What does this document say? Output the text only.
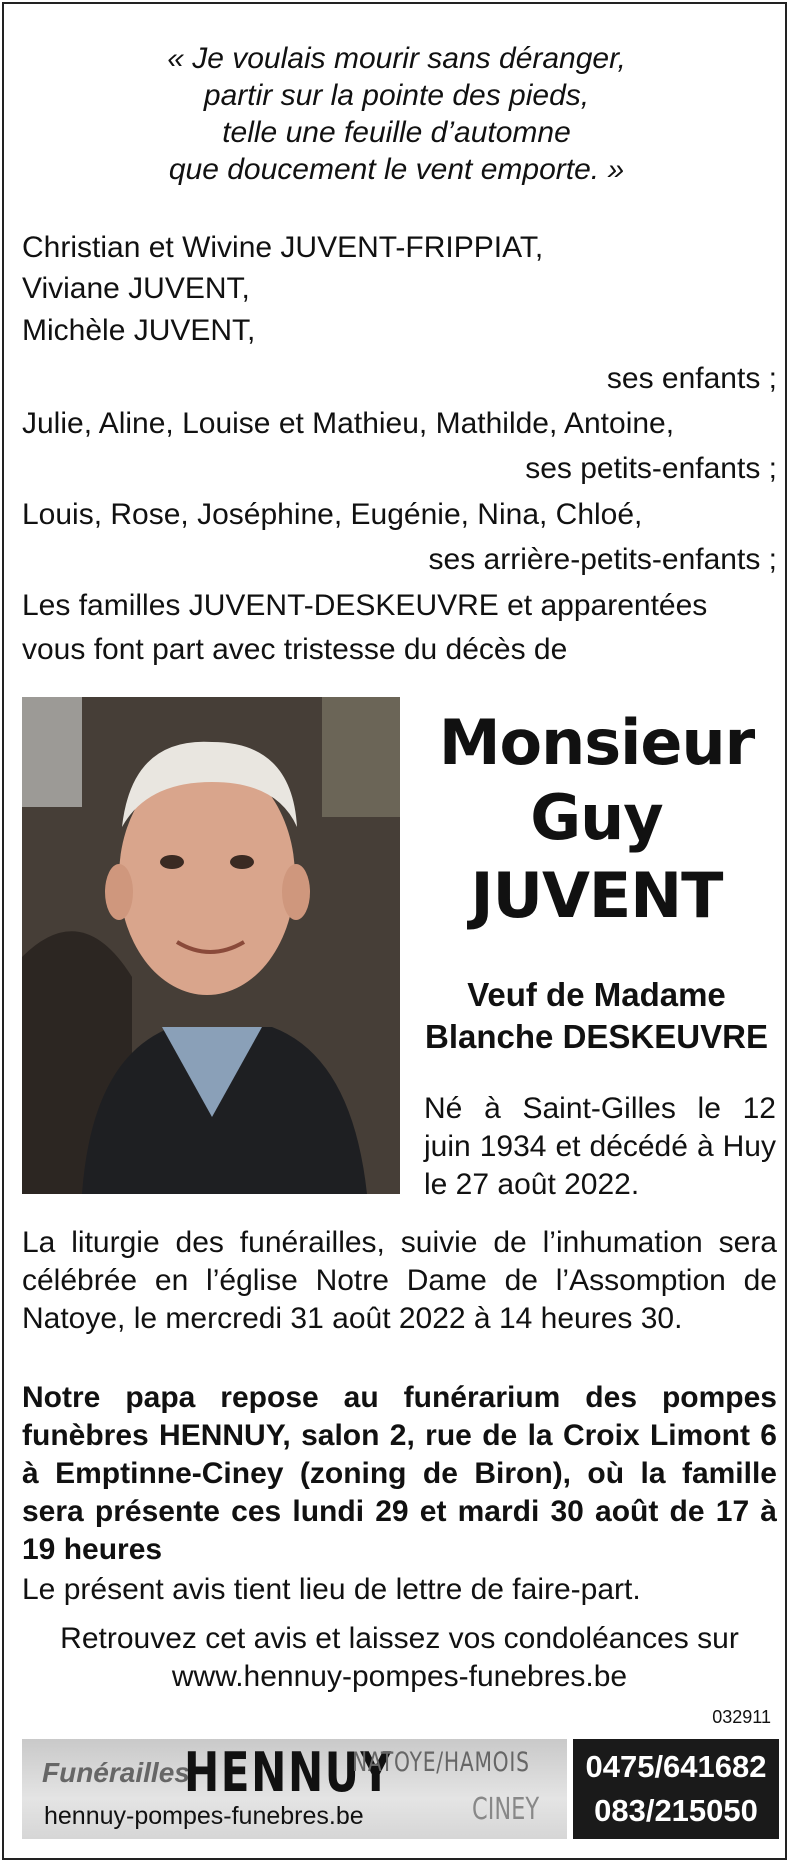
« Je voulais mourir sans déranger,
partir sur la pointe des pieds,
telle une feuille d’automne
que doucement le vent emporte. »
Christian et Wivine JUVENT-FRIPPIAT,
Viviane JUVENT,
Michèle JUVENT,
ses enfants ;
Julie, Aline, Louise et Mathieu, Mathilde, Antoine,
ses petits-enfants ;
Louis, Rose, Joséphine, Eugénie, Nina, Chloé,
ses arrière-petits-enfants ;
Les familles JUVENT-DESKEUVRE et apparentées
vous font part avec tristesse du décès de
Monsieur
Guy
JUVENT
Veuf de Madame
Blanche DESKEUVRE
Né à Saint-Gilles le 12 juin 1934 et décédé à Huy le 27 août 2022.
La liturgie des funérailles, suivie de l’inhumation sera célébrée en l’église Notre Dame de l’Assomption de Natoye, le mercredi 31 août 2022 à 14 heures 30.
Notre papa repose au funérarium des pompes funèbres HENNUY, salon 2, rue de la Croix Limont 6 à Emptinne-Ciney (zoning de Biron), où la famille sera présente ces lundi 29 et mardi 30 août de 17 à 19 heures
Le présent avis tient lieu de lettre de faire-part.
Retrouvez cet avis et laissez vos condoléances sur
www.hennuy-pompes-funebres.be
032911
Funérailles
HENNUY
NATOYE/HAMOIS
CINEY
hennuy-pompes-funebres.be
0475/641682
083/215050
